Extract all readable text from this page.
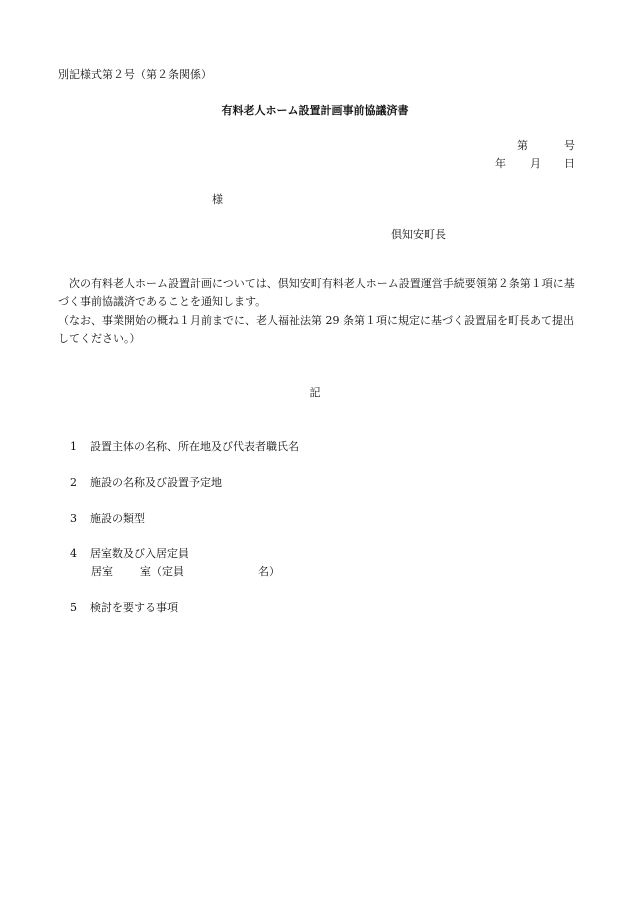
別記様式第２号（第２条関係）
有料老人ホーム設置計画事前協議済書
第	号
年 月 日
様
倶知安町長
次の有料老人ホーム設置計画については、倶知安町有料老人ホーム設置運営手続要領第２条第１項に基づく事前協議済であることを通知します。
（なお、事業開始の概ね１月前までに、老人福祉法第 29 条第１項に規定に基づく設置届を町長あて提出してください。）
記
1 設置主体の名称、所在地及び代表者職氏名
2 施設の名称及び設置予定地
3 施設の類型
4 居室数及び入居定員
居室 室（定員	名）
5 検討を要する事項
